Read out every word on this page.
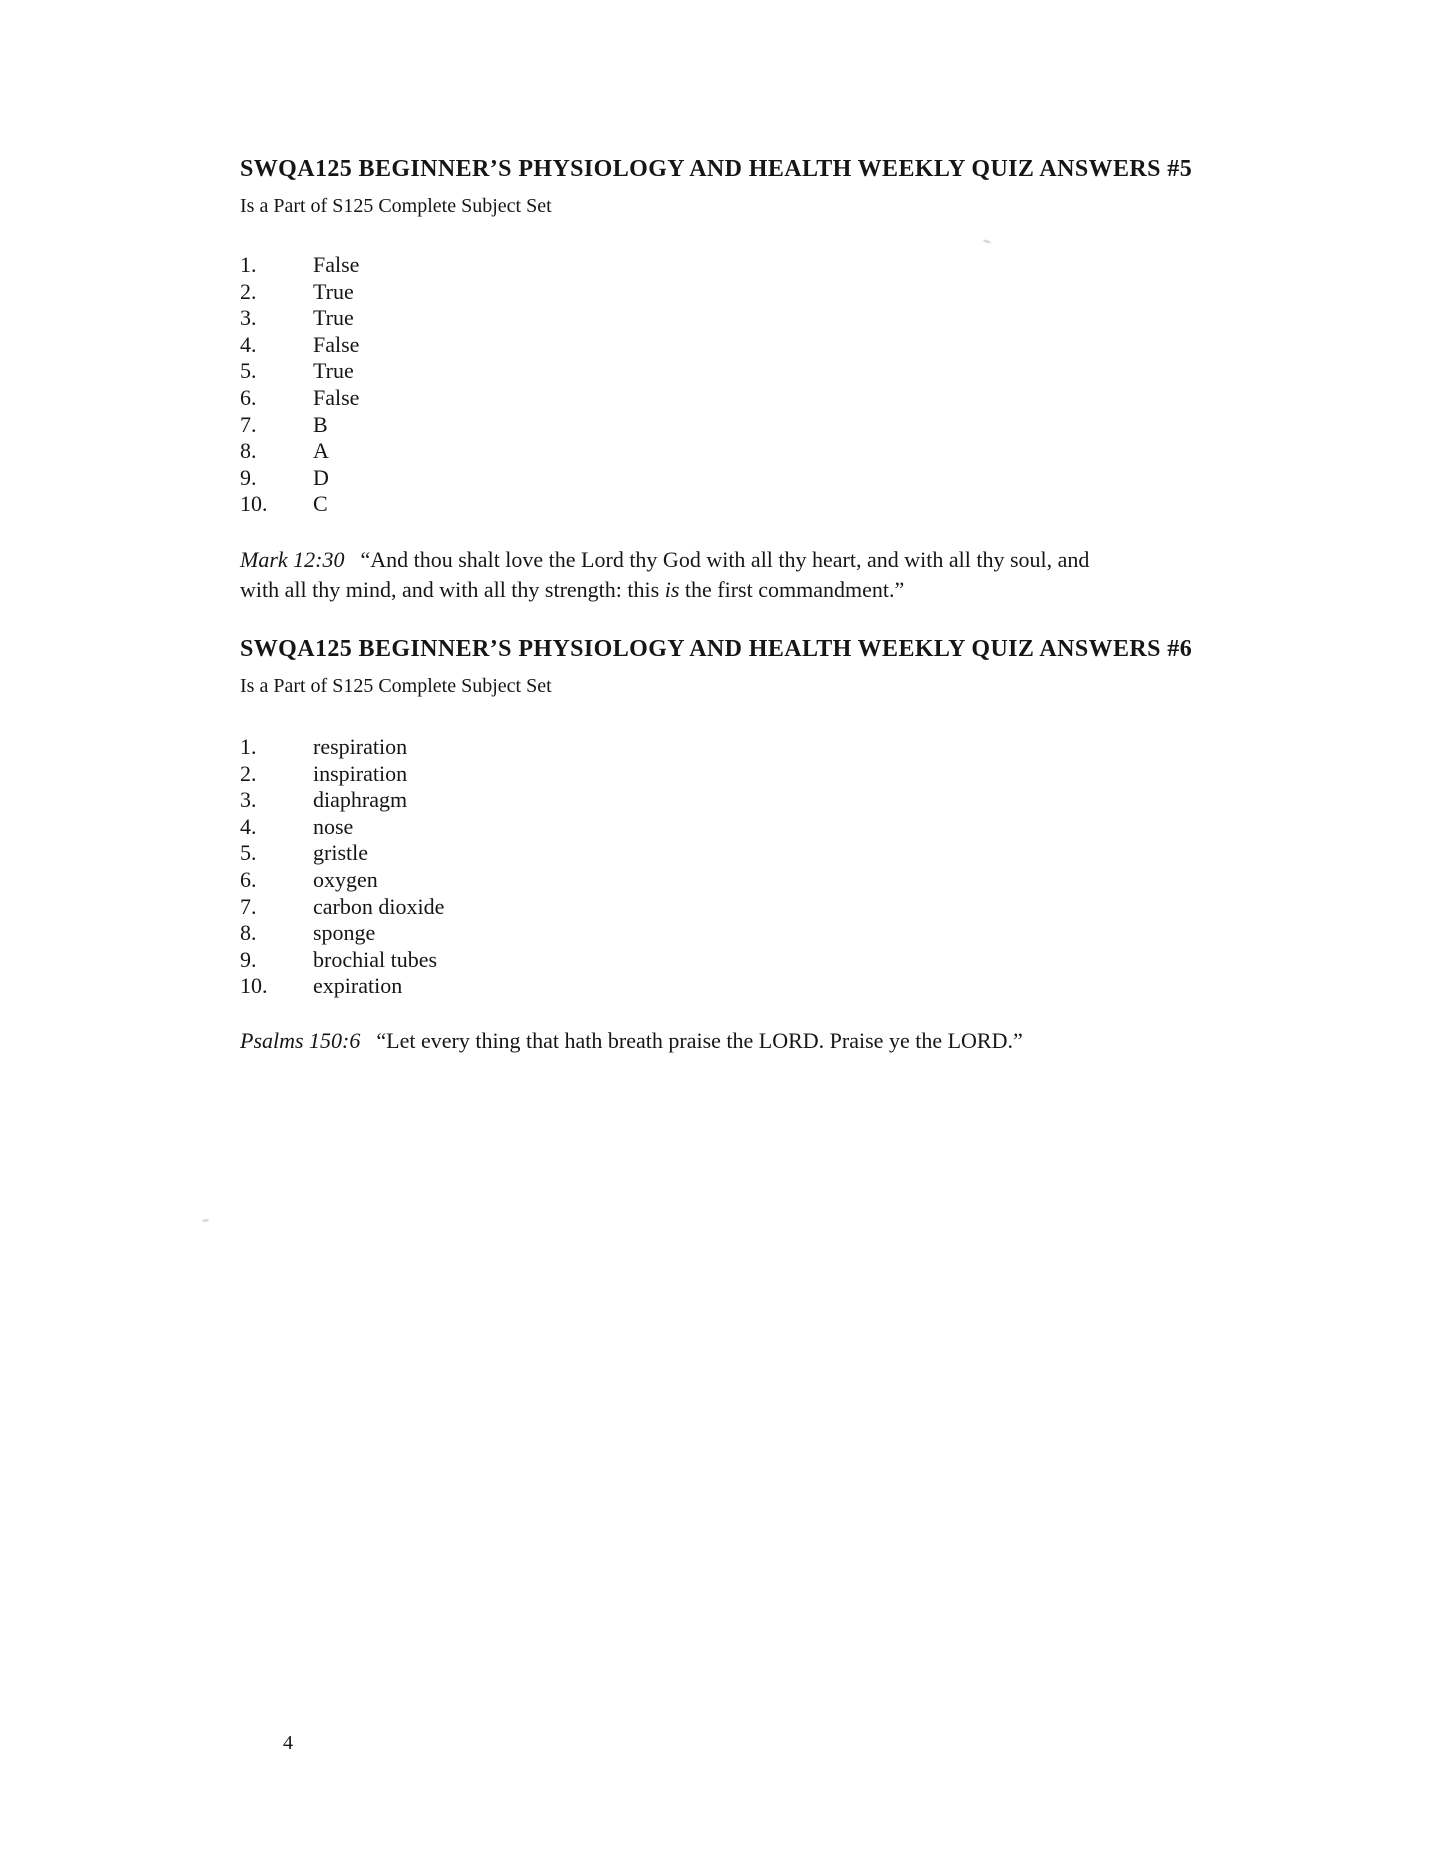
SWQA125 BEGINNER’S PHYSIOLOGY AND HEALTH WEEKLY QUIZ ANSWERS #5
Is a Part of S125 Complete Subject Set
1.	False
2.	True
3.	True
4.	False
5.	True
6.	False
7.	B
8.	A
9.	D
10.	C
Mark 12:30 “And thou shalt love the Lord thy God with all thy heart, and with all thy soul, and
with all thy mind, and with all thy strength: this is the first commandment.”
SWQA125 BEGINNER’S PHYSIOLOGY AND HEALTH WEEKLY QUIZ ANSWERS #6
Is a Part of S125 Complete Subject Set
1.	respiration
2.	inspiration
3.	diaphragm
4.	nose
5.	gristle
6.	oxygen
7.	carbon dioxide
8.	sponge
9.	brochial tubes
10.	expiration
Psalms 150:6 “Let every thing that hath breath praise the LORD. Praise ye the LORD.”
4
